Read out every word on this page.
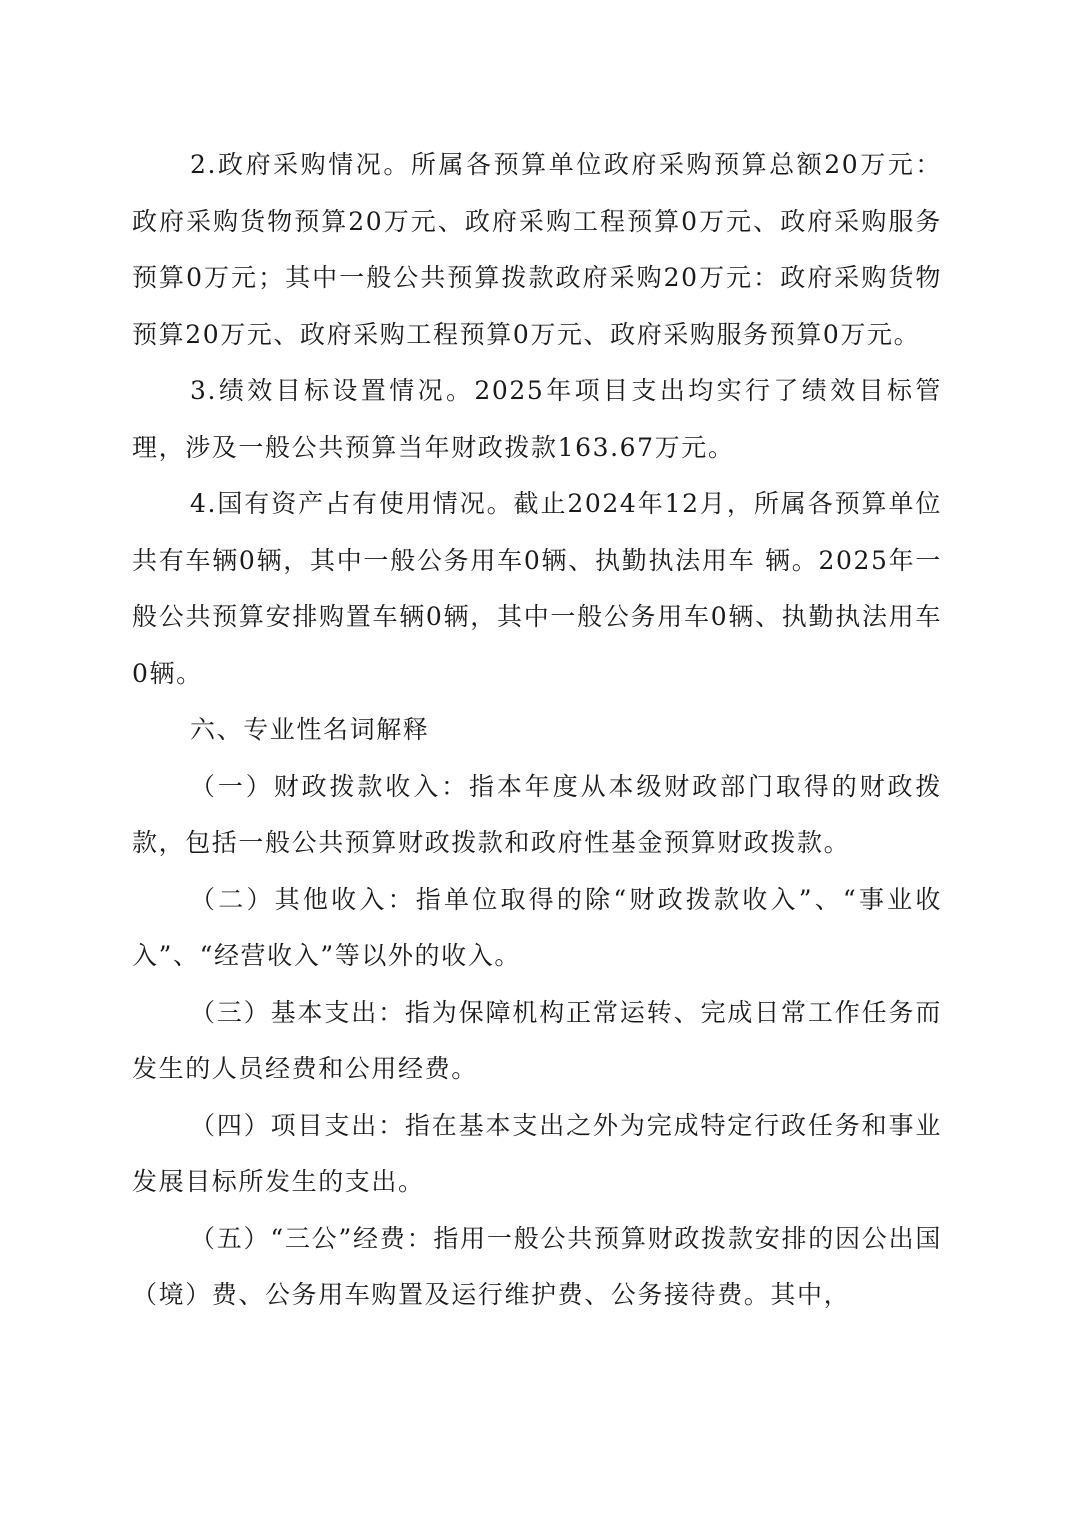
2.政府采购情况。所属各预算单位政府采购预算总额20万元：政府采购货物预算20万元、政府采购工程预算0万元、政府采购服务预算0万元；其中一般公共预算拨款政府采购20万元：政府采购货物预算20万元、政府采购工程预算0万元、政府采购服务预算0万元。

3.绩效目标设置情况。2025年项目支出均实行了绩效目标管理，涉及一般公共预算当年财政拨款163.67万元。

4.国有资产占有使用情况。截止2024年12月，所属各预算单位共有车辆0辆，其中一般公务用车0辆、执勤执法用车 辆。2025年一般公共预算安排购置车辆0辆，其中一般公务用车0辆、执勤执法用车0辆。

六、专业性名词解释

（一）财政拨款收入：指本年度从本级财政部门取得的财政拨款，包括一般公共预算财政拨款和政府性基金预算财政拨款。

（二）其他收入：指单位取得的除“财政拨款收入”、“事业收入”、“经营收入”等以外的收入。

（三）基本支出：指为保障机构正常运转、完成日常工作任务而发生的人员经费和公用经费。

（四）项目支出：指在基本支出之外为完成特定行政任务和事业发展目标所发生的支出。

（五）“三公”经费：指用一般公共预算财政拨款安排的因公出国（境）费、公务用车购置及运行维护费、公务接待费。其中，
